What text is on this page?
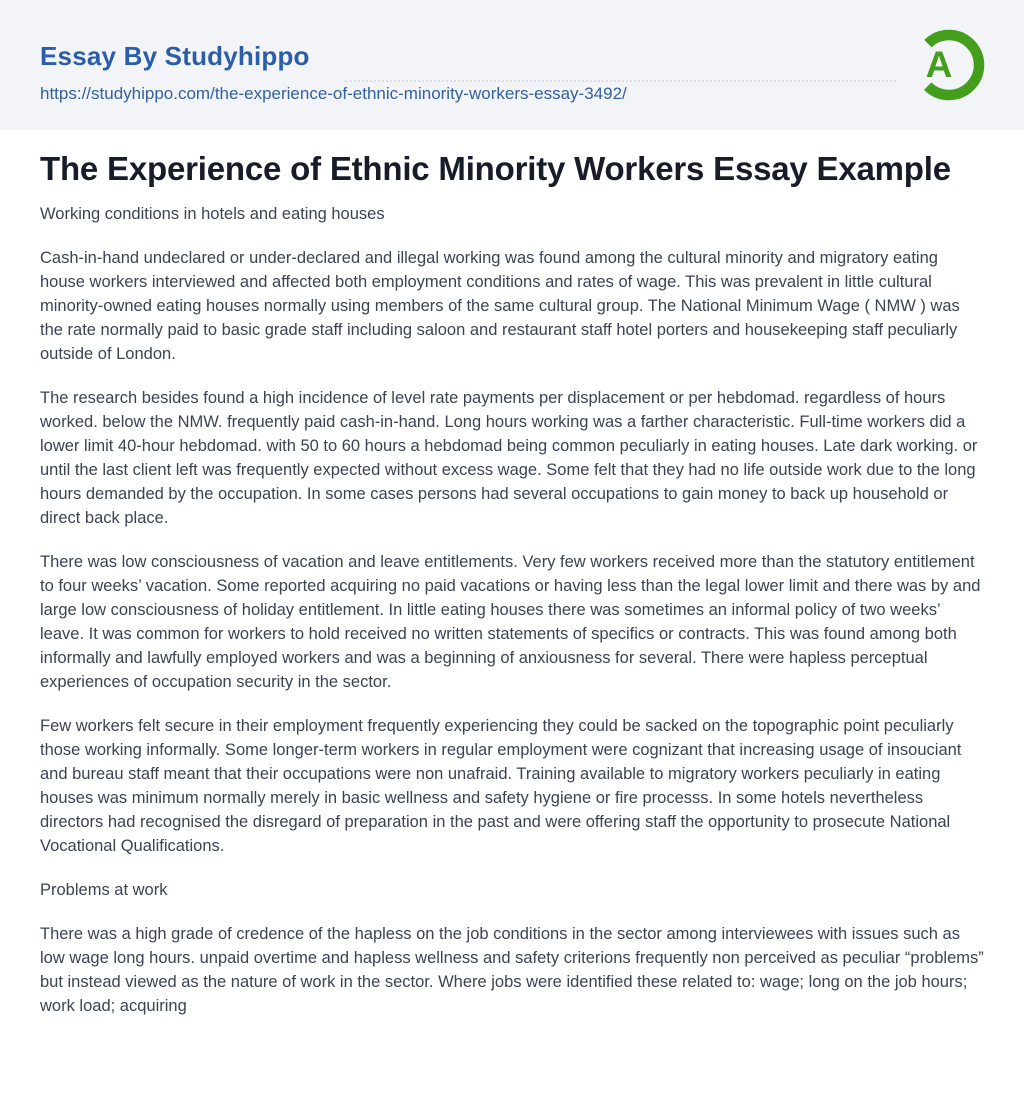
Essay By Studyhippo
https://studyhippo.com/the-experience-of-ethnic-minority-workers-essay-3492/
A
The Experience of Ethnic Minority Workers Essay Example
Working conditions in hotels and eating houses

Cash-in-hand undeclared or under-declared and illegal working was found among the cultural minority and migratory eating house workers interviewed and affected both employment conditions and rates of wage. This was prevalent in little cultural minority-owned eating houses normally using members of the same cultural group. The National Minimum Wage ( NMW ) was the rate normally paid to basic grade staff including saloon and restaurant staff hotel porters and housekeeping staff peculiarly outside of London.

The research besides found a high incidence of level rate payments per displacement or per hebdomad. regardless of hours worked. below the NMW. frequently paid cash-in-hand. Long hours working was a farther characteristic. Full-time workers did a lower limit 40-hour hebdomad. with 50 to 60 hours a hebdomad being common peculiarly in eating houses. Late dark working. or until the last client left was frequently expected without excess wage. Some felt that they had no life outside work due to the long hours demanded by the occupation. In some cases persons had several occupations to gain money to back up household or direct back place.

There was low consciousness of vacation and leave entitlements. Very few workers received more than the statutory entitlement to four weeks’ vacation. Some reported acquiring no paid vacations or having less than the legal lower limit and there was by and large low consciousness of holiday entitlement. In little eating houses there was sometimes an informal policy of two weeks’ leave. It was common for workers to hold received no written statements of specifics or contracts. This was found among both informally and lawfully employed workers and was a beginning of anxiousness for several. There were hapless perceptual experiences of occupation security in the sector.

Few workers felt secure in their employment frequently experiencing they could be sacked on the topographic point peculiarly those working informally. Some longer-term workers in regular employment were cognizant that increasing usage of insouciant and bureau staff meant that their occupations were non unafraid. Training available to migratory workers peculiarly in eating houses was minimum normally merely in basic wellness and safety hygiene or fire processs. In some hotels nevertheless directors had recognised the disregard of preparation in the past and were offering staff the opportunity to prosecute National Vocational Qualifications.

Problems at work

There was a high grade of credence of the hapless on the job conditions in the sector among interviewees with issues such as low wage long hours. unpaid overtime and hapless wellness and safety criterions frequently non perceived as peculiar “problems” but instead viewed as the nature of work in the sector. Where jobs were identified these related to: wage; long on the job hours; work load; acquiring
